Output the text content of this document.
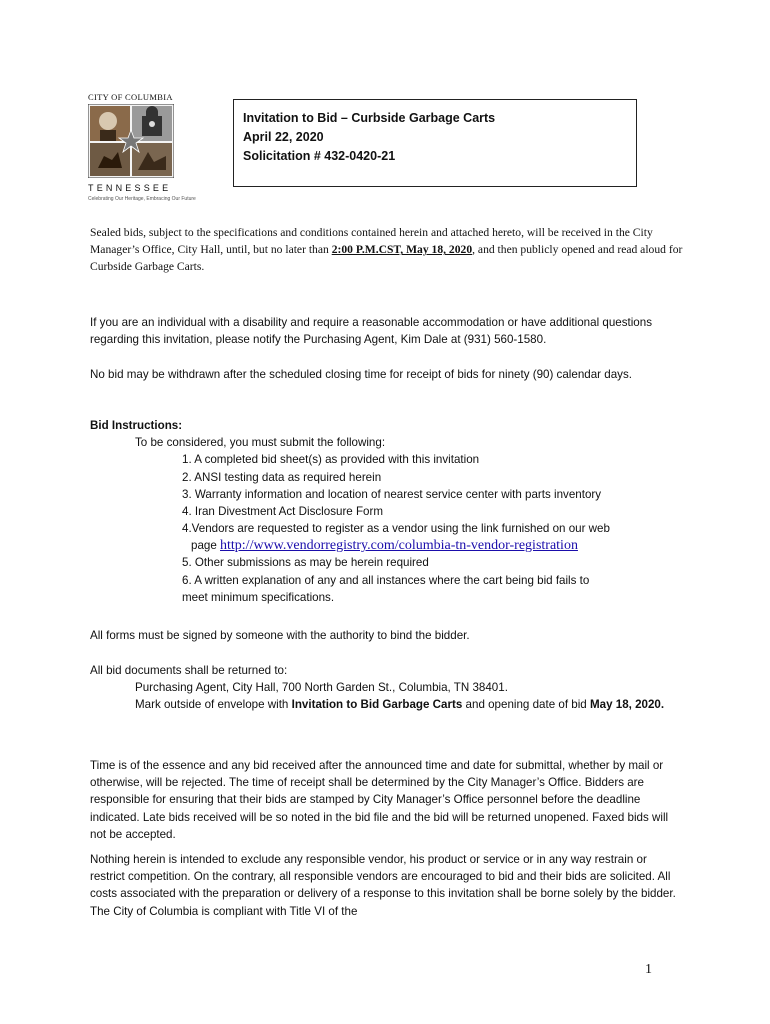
CITY OF COLUMBIA
TENNESSEE
Celebrating Our Heritage, Embracing Our Future
Invitation to Bid – Curbside Garbage Carts
April 22, 2020
Solicitation # 432-0420-21
Sealed bids, subject to the specifications and conditions contained herein and attached hereto, will be received in the City Manager’s Office, City Hall, until, but no later than 2:00 P.M.CST, May 18, 2020, and then publicly opened and read aloud for Curbside Garbage Carts.
If you are an individual with a disability and require a reasonable accommodation or have additional questions regarding this invitation, please notify the Purchasing Agent, Kim Dale at (931) 560-1580.
No bid may be withdrawn after the scheduled closing time for receipt of bids for ninety (90) calendar days.
Bid Instructions:
To be considered, you must submit the following:
1. A completed bid sheet(s) as provided with this invitation
2. ANSI testing data as required herein
3. Warranty information and location of nearest service center with parts inventory
4. Iran Divestment Act Disclosure Form
4.Vendors are requested to register as a vendor using the link furnished on our web
page http://www.vendorregistry.com/columbia-tn-vendor-registration
5. Other submissions as may be herein required
6. A written explanation of any and all instances where the cart being bid fails to
meet minimum specifications.
All forms must be signed by someone with the authority to bind the bidder.
All bid documents shall be returned to:
Purchasing Agent, City Hall, 700 North Garden St., Columbia, TN 38401.
Mark outside of envelope with Invitation to Bid Garbage Carts and opening date of bid May 18, 2020.
Time is of the essence and any bid received after the announced time and date for submittal, whether by mail or otherwise, will be rejected. The time of receipt shall be determined by the City Manager’s Office. Bidders are responsible for ensuring that their bids are stamped by City Manager’s Office personnel before the deadline indicated. Late bids received will be so noted in the bid file and the bid will be returned unopened. Faxed bids will not be accepted.
Nothing herein is intended to exclude any responsible vendor, his product or service or in any way restrain or restrict competition. On the contrary, all responsible vendors are encouraged to bid and their bids are solicited. All costs associated with the preparation or delivery of a response to this invitation shall be borne solely by the bidder. The City of Columbia is compliant with Title VI of the
1
